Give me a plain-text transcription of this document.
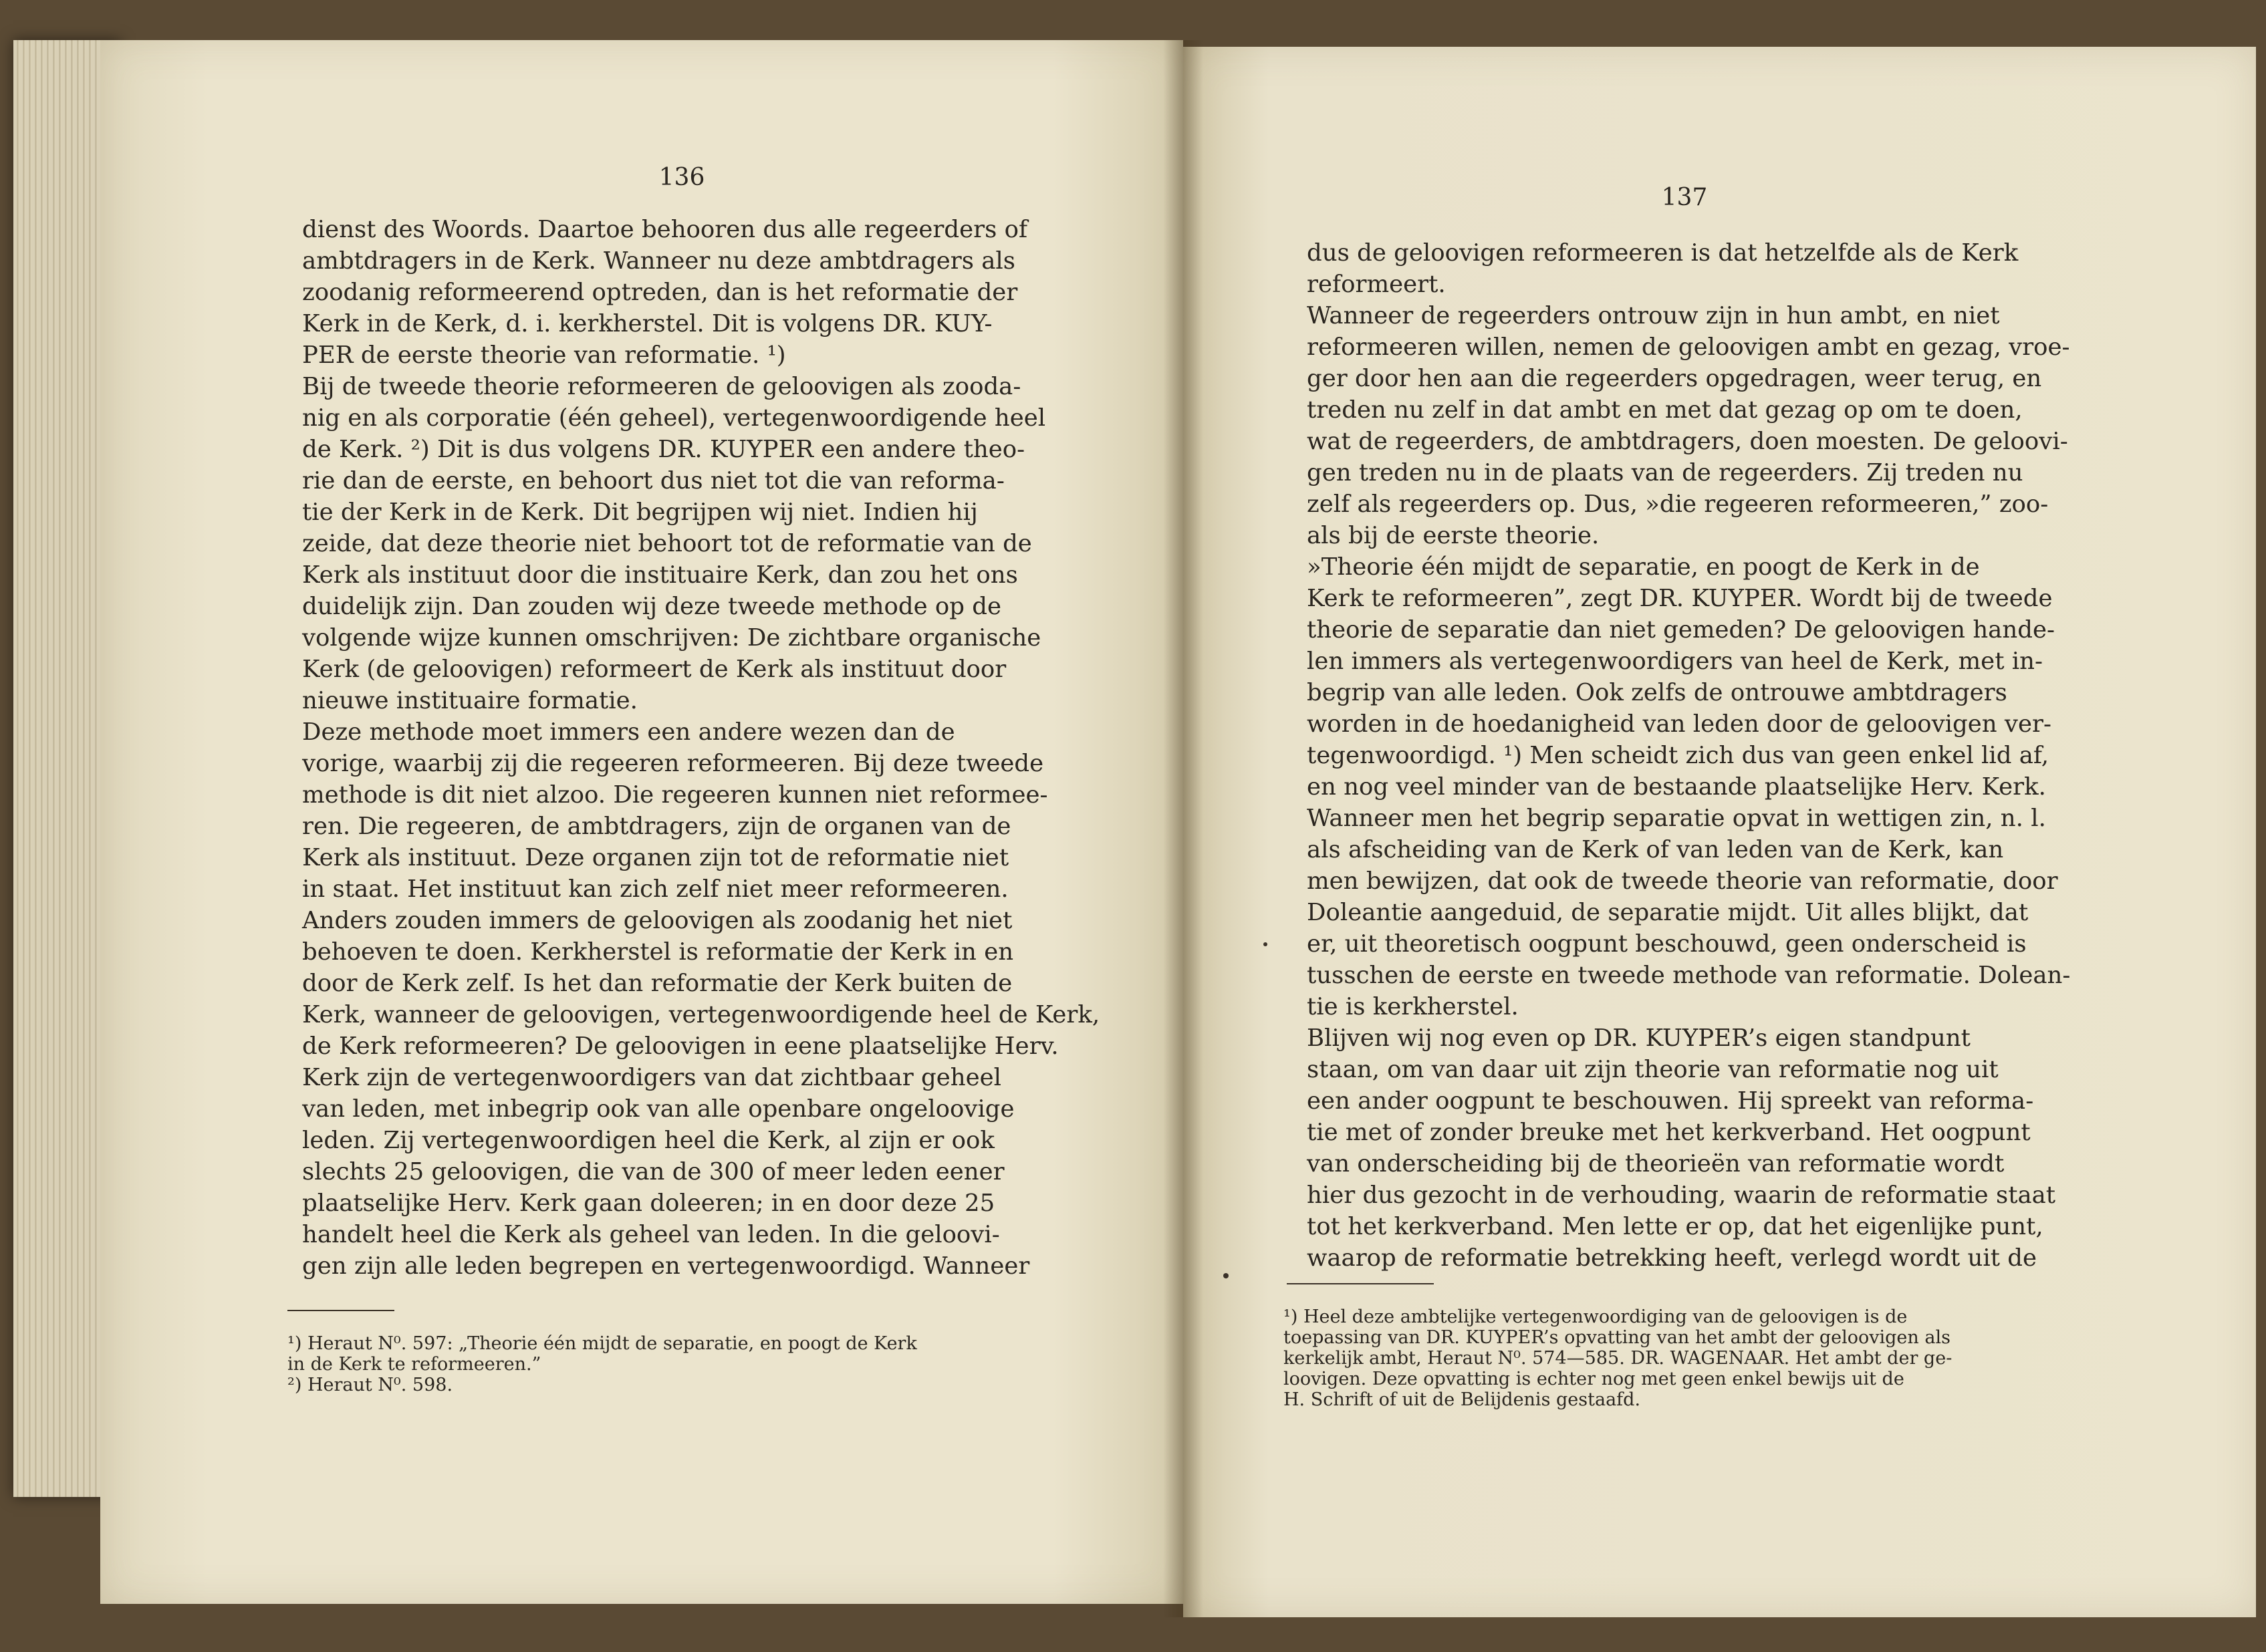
136
dienst des Woords. Daartoe behooren dus alle regeerders of
ambtdragers in de Kerk. Wanneer nu deze ambtdragers als
zoodanig reformeerend optreden, dan is het reformatie der
Kerk in de Kerk, d. i. kerkherstel. Dit is volgens DR. KUY-
PER de eerste theorie van reformatie. ¹)
Bij de tweede theorie reformeeren de geloovigen als zooda-
nig en als corporatie (één geheel), vertegenwoordigende heel
de Kerk. ²) Dit is dus volgens DR. KUYPER een andere theo-
rie dan de eerste, en behoort dus niet tot die van reforma-
tie der Kerk in de Kerk. Dit begrijpen wij niet. Indien hij
zeide, dat deze theorie niet behoort tot de reformatie van de
Kerk als instituut door die instituaire Kerk, dan zou het ons
duidelijk zijn. Dan zouden wij deze tweede methode op de
volgende wijze kunnen omschrijven: De zichtbare organische
Kerk (de geloovigen) reformeert de Kerk als instituut door
nieuwe instituaire formatie.
Deze methode moet immers een andere wezen dan de
vorige, waarbij zij die regeeren reformeeren. Bij deze tweede
methode is dit niet alzoo. Die regeeren kunnen niet reformee-
ren. Die regeeren, de ambtdragers, zijn de organen van de
Kerk als instituut. Deze organen zijn tot de reformatie niet
in staat. Het instituut kan zich zelf niet meer reformeeren.
Anders zouden immers de geloovigen als zoodanig het niet
behoeven te doen. Kerkherstel is reformatie der Kerk in en
door de Kerk zelf. Is het dan reformatie der Kerk buiten de
Kerk, wanneer de geloovigen, vertegenwoordigende heel de Kerk,
de Kerk reformeeren? De geloovigen in eene plaatselijke Herv.
Kerk zijn de vertegenwoordigers van dat zichtbaar geheel
van leden, met inbegrip ook van alle openbare ongeloovige
leden. Zij vertegenwoordigen heel die Kerk, al zijn er ook
slechts 25 geloovigen, die van de 300 of meer leden eener
plaatselijke Herv. Kerk gaan doleeren; in en door deze 25
handelt heel die Kerk als geheel van leden. In die geloovi-
gen zijn alle leden begrepen en vertegenwoordigd. Wanneer
¹) Heraut N⁰. 597: „Theorie één mijdt de separatie, en poogt de Kerk
in de Kerk te reformeeren.”
²) Heraut N⁰. 598.
137
dus de geloovigen reformeeren is dat hetzelfde als de Kerk
reformeert.
Wanneer de regeerders ontrouw zijn in hun ambt, en niet
reformeeren willen, nemen de geloovigen ambt en gezag, vroe-
ger door hen aan die regeerders opgedragen, weer terug, en
treden nu zelf in dat ambt en met dat gezag op om te doen,
wat de regeerders, de ambtdragers, doen moesten. De geloovi-
gen treden nu in de plaats van de regeerders. Zij treden nu
zelf als regeerders op. Dus, »die regeeren reformeeren,” zoo-
als bij de eerste theorie.
»Theorie één mijdt de separatie, en poogt de Kerk in de
Kerk te reformeeren”, zegt DR. KUYPER. Wordt bij de tweede
theorie de separatie dan niet gemeden? De geloovigen hande-
len immers als vertegenwoordigers van heel de Kerk, met in-
begrip van alle leden. Ook zelfs de ontrouwe ambtdragers
worden in de hoedanigheid van leden door de geloovigen ver-
tegenwoordigd. ¹) Men scheidt zich dus van geen enkel lid af,
en nog veel minder van de bestaande plaatselijke Herv. Kerk.
Wanneer men het begrip separatie opvat in wettigen zin, n. l.
als afscheiding van de Kerk of van leden van de Kerk, kan
men bewijzen, dat ook de tweede theorie van reformatie, door
Doleantie aangeduid, de separatie mijdt. Uit alles blijkt, dat
er, uit theoretisch oogpunt beschouwd, geen onderscheid is
tusschen de eerste en tweede methode van reformatie. Dolean-
tie is kerkherstel.
Blijven wij nog even op DR. KUYPER’s eigen standpunt
staan, om van daar uit zijn theorie van reformatie nog uit
een ander oogpunt te beschouwen. Hij spreekt van reforma-
tie met of zonder breuke met het kerkverband. Het oogpunt
van onderscheiding bij de theorieën van reformatie wordt
hier dus gezocht in de verhouding, waarin de reformatie staat
tot het kerkverband. Men lette er op, dat het eigenlijke punt,
waarop de reformatie betrekking heeft, verlegd wordt uit de
¹) Heel deze ambtelijke vertegenwoordiging van de geloovigen is de
toepassing van DR. KUYPER’s opvatting van het ambt der geloovigen als
kerkelijk ambt, Heraut N⁰. 574—585. DR. WAGENAAR. Het ambt der ge-
loovigen. Deze opvatting is echter nog met geen enkel bewijs uit de
H. Schrift of uit de Belijdenis gestaafd.
